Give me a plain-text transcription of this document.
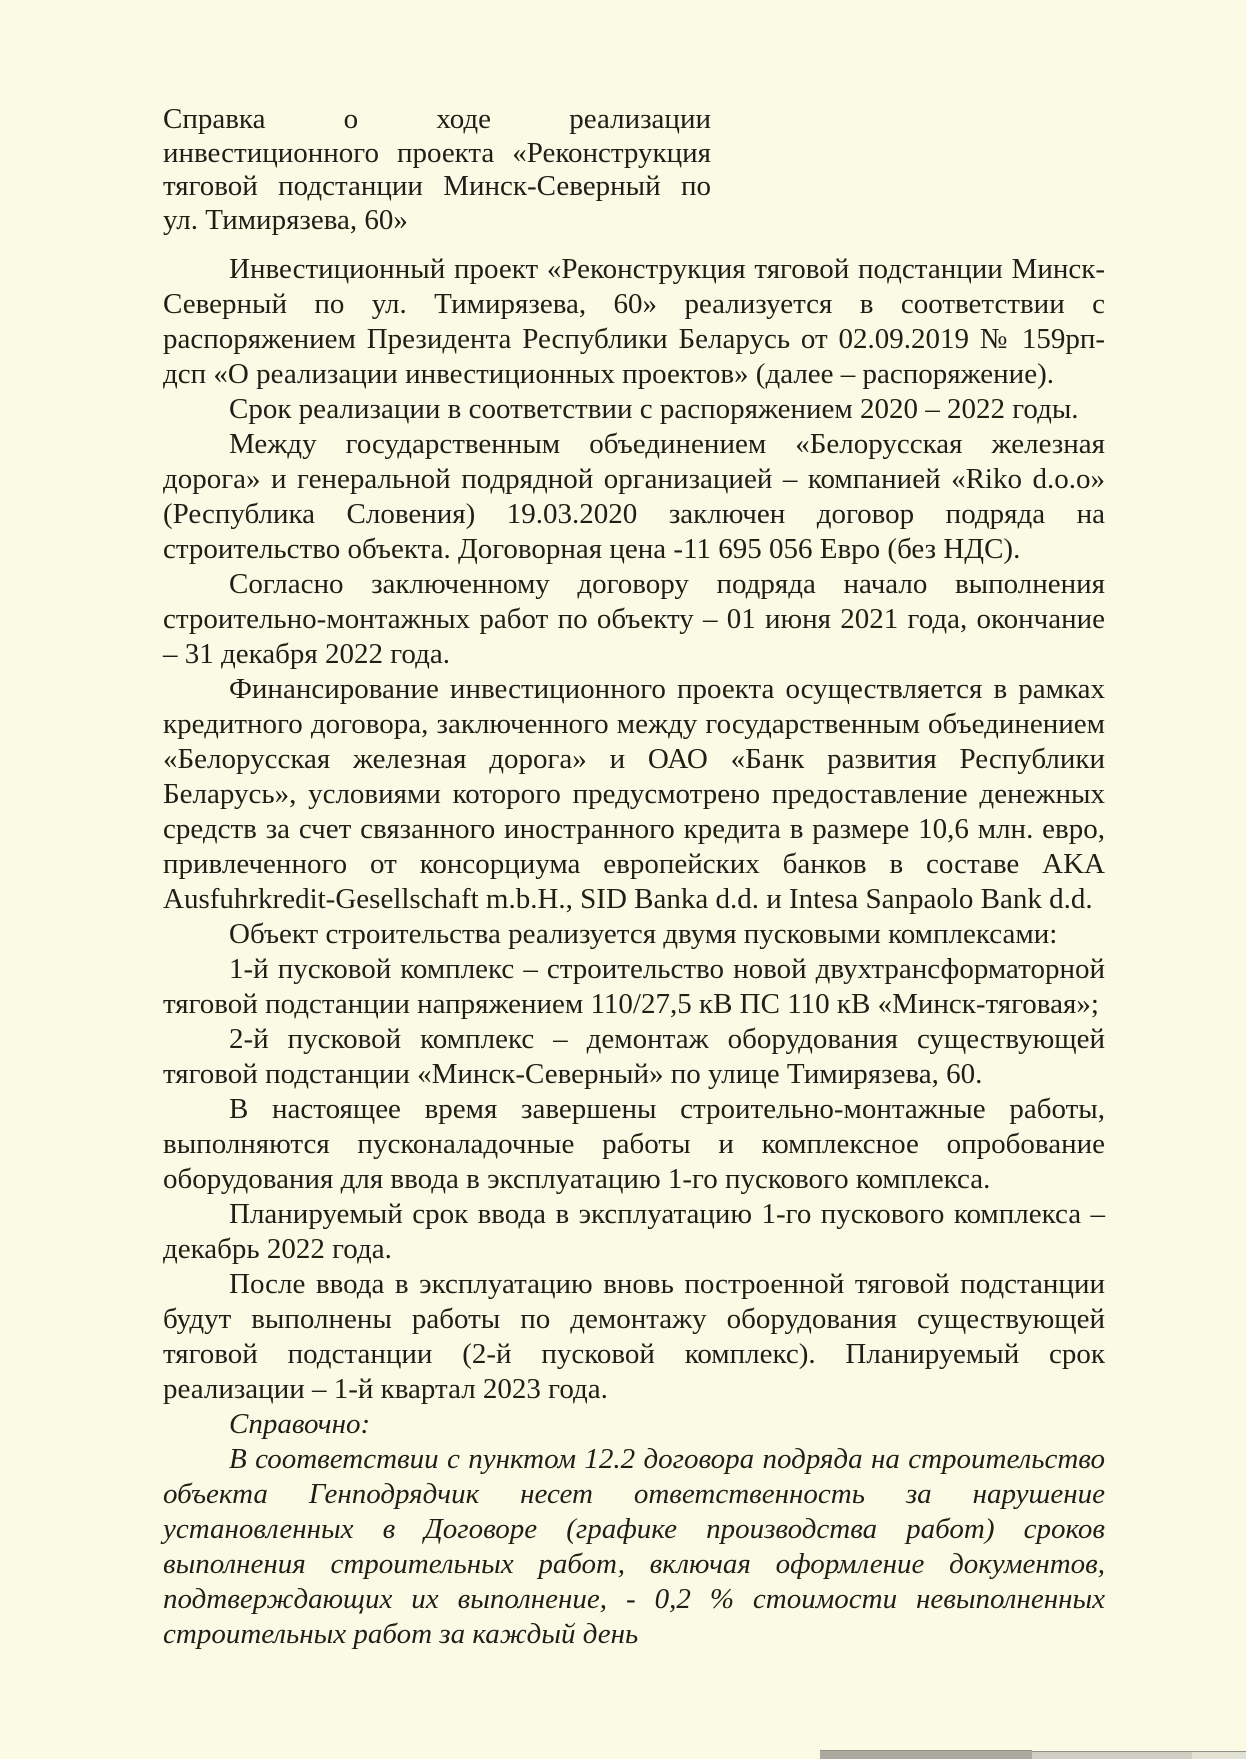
Справка о ходе реализации
инвестиционного проекта «Реконструкция
тяговой подстанции Минск-Северный по
ул. Тимирязева, 60»

Инвестиционный проект «Реконструкция тяговой подстанции Минск-Северный по ул. Тимирязева, 60» реализуется в соответствии с распоряжением Президента Республики Беларусь от 02.09.2019 № 159рп-дсп «О реализации инвестиционных проектов» (далее – распоряжение).

Срок реализации в соответствии с распоряжением 2020 – 2022 годы.

Между государственным объединением «Белорусская железная дорога» и генеральной подрядной организацией – компанией «Riko d.o.o» (Республика Словения) 19.03.2020 заключен договор подряда на строительство объекта. Договорная цена -11 695 056 Евро (без НДС).

Согласно заключенному договору подряда начало выполнения строительно-монтажных работ по объекту – 01 июня 2021 года, окончание – 31 декабря 2022 года.

Финансирование инвестиционного проекта осуществляется в рамках кредитного договора, заключенного между государственным объединением «Белорусская железная дорога» и ОАО «Банк развития Республики Беларусь», условиями которого предусмотрено предоставление денежных средств за счет связанного иностранного кредита в размере 10,6 млн. евро, привлеченного от консорциума европейских банков в составе AKA Ausfuhrkredit-Gesellschaft m.b.H., SID Banka d.d. и Intesa Sanpaolo Bank d.d.

Объект строительства реализуется двумя пусковыми комплексами:

1-й пусковой комплекс – строительство новой двухтрансформаторной тяговой подстанции напряжением 110/27,5 кВ ПС 110 кВ «Минск-тяговая»;

2-й пусковой комплекс – демонтаж оборудования существующей тяговой подстанции «Минск-Северный» по улице Тимирязева, 60.

В настоящее время завершены строительно-монтажные работы, выполняются пусконаладочные работы и комплексное опробование оборудования для ввода в эксплуатацию 1-го пускового комплекса.

Планируемый срок ввода в эксплуатацию 1-го пускового комплекса – декабрь 2022 года.

После ввода в эксплуатацию вновь построенной тяговой подстанции будут выполнены работы по демонтажу оборудования существующей тяговой подстанции (2-й пусковой комплекс). Планируемый срок реализации – 1-й квартал 2023 года.

Справочно:

В соответствии с пунктом 12.2 договора подряда на строительство объекта Генподрядчик несет ответственность за нарушение установленных в Договоре (графике производства работ) сроков выполнения строительных работ, включая оформление документов, подтверждающих их выполнение, - 0,2 % стоимости невыполненных строительных работ за каждый день
